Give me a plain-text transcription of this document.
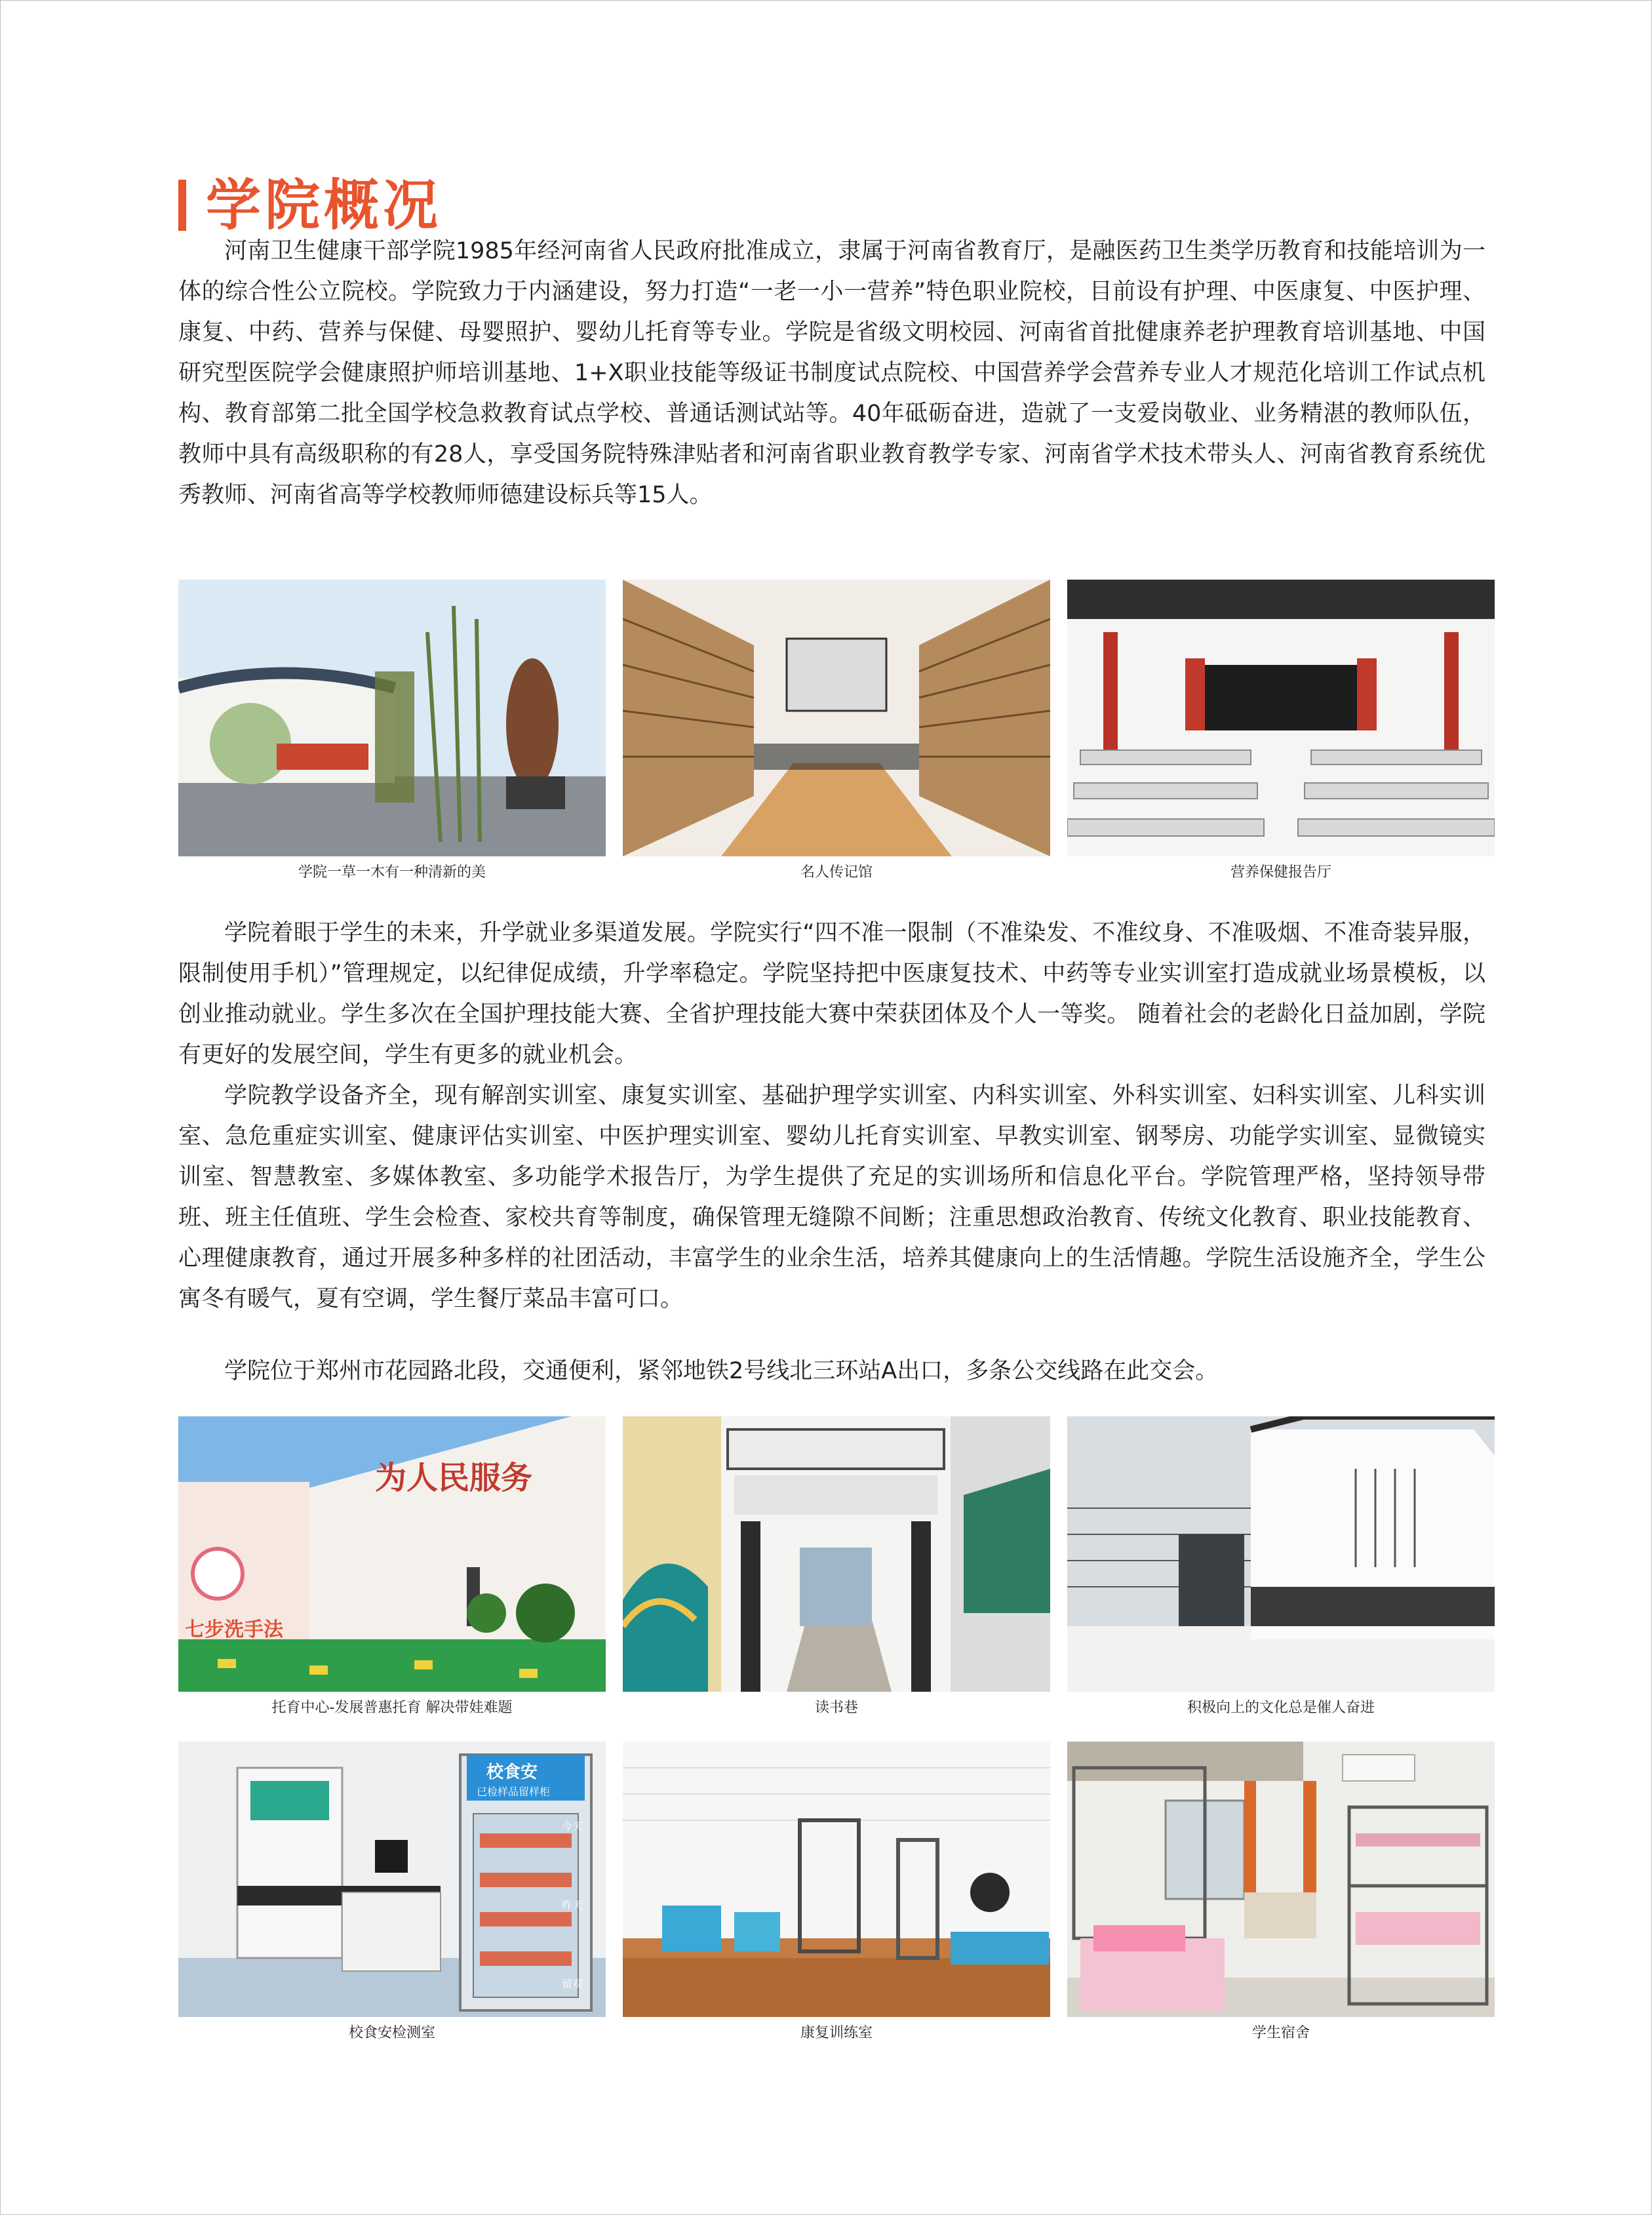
学院概况

河南卫生健康干部学院1985年经河南省人民政府批准成立，隶属于河南省教育厅，是融医药卫生类学历教育和技能培训为一体的综合性公立院校。学院致力于内涵建设，努力打造“一老一小一营养”特色职业院校，目前设有护理、中医康复、中医护理、康复、中药、营养与保健、母婴照护、婴幼儿托育等专业。学院是省级文明校园、河南省首批健康养老护理教育培训基地、中国研究型医院学会健康照护师培训基地、1+X职业技能等级证书制度试点院校、中国营养学会营养专业人才规范化培训工作试点机构、教育部第二批全国学校急救教育试点学校、普通话测试站等。40年砥砺奋进，造就了一支爱岗敬业、业务精湛的教师队伍，教师中具有高级职称的有28人，享受国务院特殊津贴者和河南省职业教育教学专家、河南省学术技术带头人、河南省教育系统优秀教师、河南省高等学校教师师德建设标兵等15人。

学院一草一木有一种清新的美	名人传记馆	营养保健报告厅

学院着眼于学生的未来，升学就业多渠道发展。学院实行“四不准一限制（不准染发、不准纹身、不准吸烟、不准奇装异服，限制使用手机）”管理规定，以纪律促成绩，升学率稳定。学院坚持把中医康复技术、中药等专业实训室打造成就业场景模板，以创业推动就业。学生多次在全国护理技能大赛、全省护理技能大赛中荣获团体及个人一等奖。 随着社会的老龄化日益加剧，学院有更好的发展空间，学生有更多的就业机会。

学院教学设备齐全，现有解剖实训室、康复实训室、基础护理学实训室、内科实训室、外科实训室、妇科实训室、儿科实训室、急危重症实训室、健康评估实训室、中医护理实训室、婴幼儿托育实训室、早教实训室、钢琴房、功能学实训室、显微镜实训室、智慧教室、多媒体教室、多功能学术报告厅，为学生提供了充足的实训场所和信息化平台。学院管理严格，坚持领导带班、班主任值班、学生会检查、家校共育等制度，确保管理无缝隙不间断；注重思想政治教育、传统文化教育、职业技能教育、心理健康教育，通过开展多种多样的社团活动，丰富学生的业余生活，培养其健康向上的生活情趣。学院生活设施齐全，学生公寓冬有暖气，夏有空调，学生餐厅菜品丰富可口。

学院位于郑州市花园路北段，交通便利，紧邻地铁2号线北三环站A出口，多条公交线路在此交会。

为人民服务
七步洗手法
托育中心-发展普惠托育 解决带娃难题	读书巷	积极向上的文化总是催人奋进
校食安
已检样品留样柜
今天
昨天
留观
校食安检测室	康复训练室	学生宿舍
